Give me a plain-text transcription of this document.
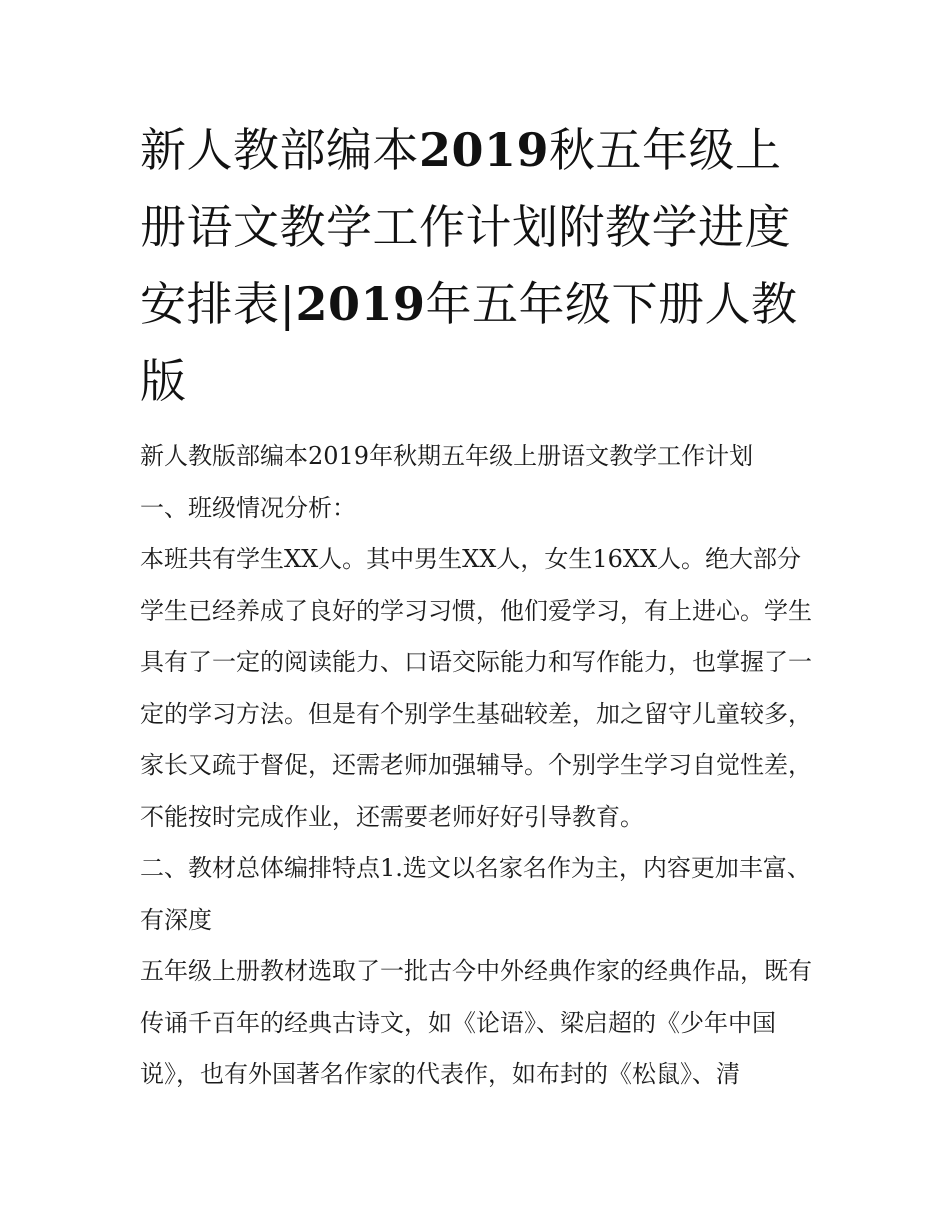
新人教部编本2019秋五年级上册语文教学工作计划附教学进度安排表|2019年五年级下册人教版

新人教版部编本2019年秋期五年级上册语文教学工作计划

一、班级情况分析：

本班共有学生XX人。其中男生XX人，女生16XX人。绝大部分学生已经养成了良好的学习习惯，他们爱学习，有上进心。学生具有了一定的阅读能力、口语交际能力和写作能力，也掌握了一定的学习方法。但是有个别学生基础较差，加之留守儿童较多，家长又疏于督促，还需老师加强辅导。个别学生学习自觉性差，不能按时完成作业，还需要老师好好引导教育。

二、教材总体编排特点1.选文以名家名作为主，内容更加丰富、有深度

五年级上册教材选取了一批古今中外经典作家的经典作品，既有传诵千百年的经典古诗文，如《论语》、梁启超的《少年中国说》，也有外国著名作家的代表作，如布封的《松鼠》、清
